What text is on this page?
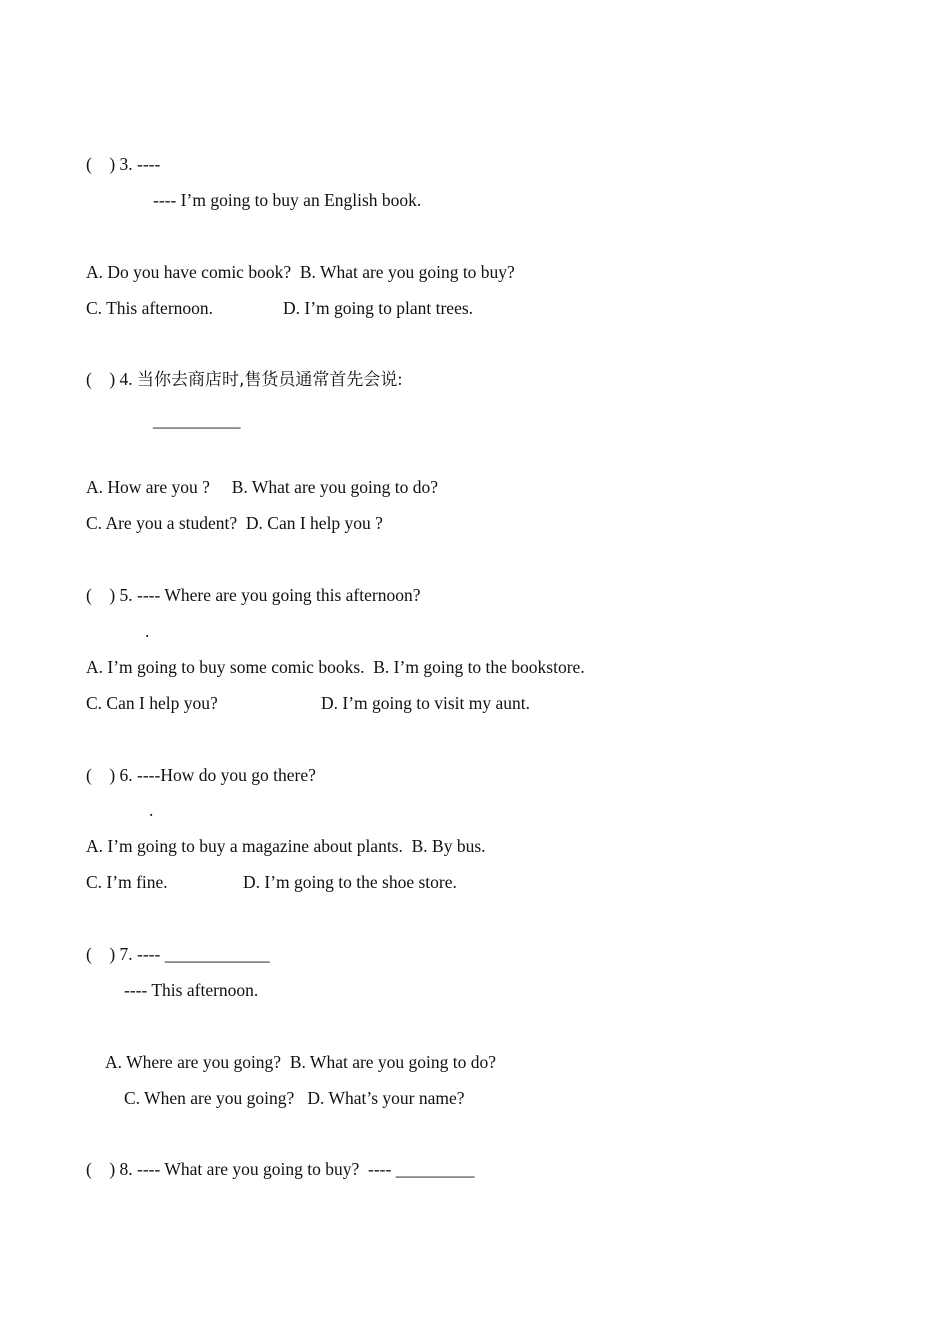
(    ) 3. ----
---- I’m going to buy an English book.
A. Do you have comic book?  B. What are you going to buy?
C. This afternoon.	D. I’m going to plant trees.
(    ) 4. 当你去商店时,售货员通常首先会说:
__________
A. How are you ?     B. What are you going to do?
C. Are you a student?  D. Can I help you ?
(    ) 5. ---- Where are you going this afternoon?
.
A. I’m going to buy some comic books.  B. I’m going to the bookstore.
C. Can I help you?	D. I’m going to visit my aunt.
(    ) 6. ----How do you go there?
.
A. I’m going to buy a magazine about plants.  B. By bus.
C. I’m fine.	D. I’m going to the shoe store.
(    ) 7. ---- ____________
---- This afternoon.
A. Where are you going?  B. What are you going to do?
C. When are you going?   D. What’s your name?
(    ) 8. ---- What are you going to buy?  ---- _________
